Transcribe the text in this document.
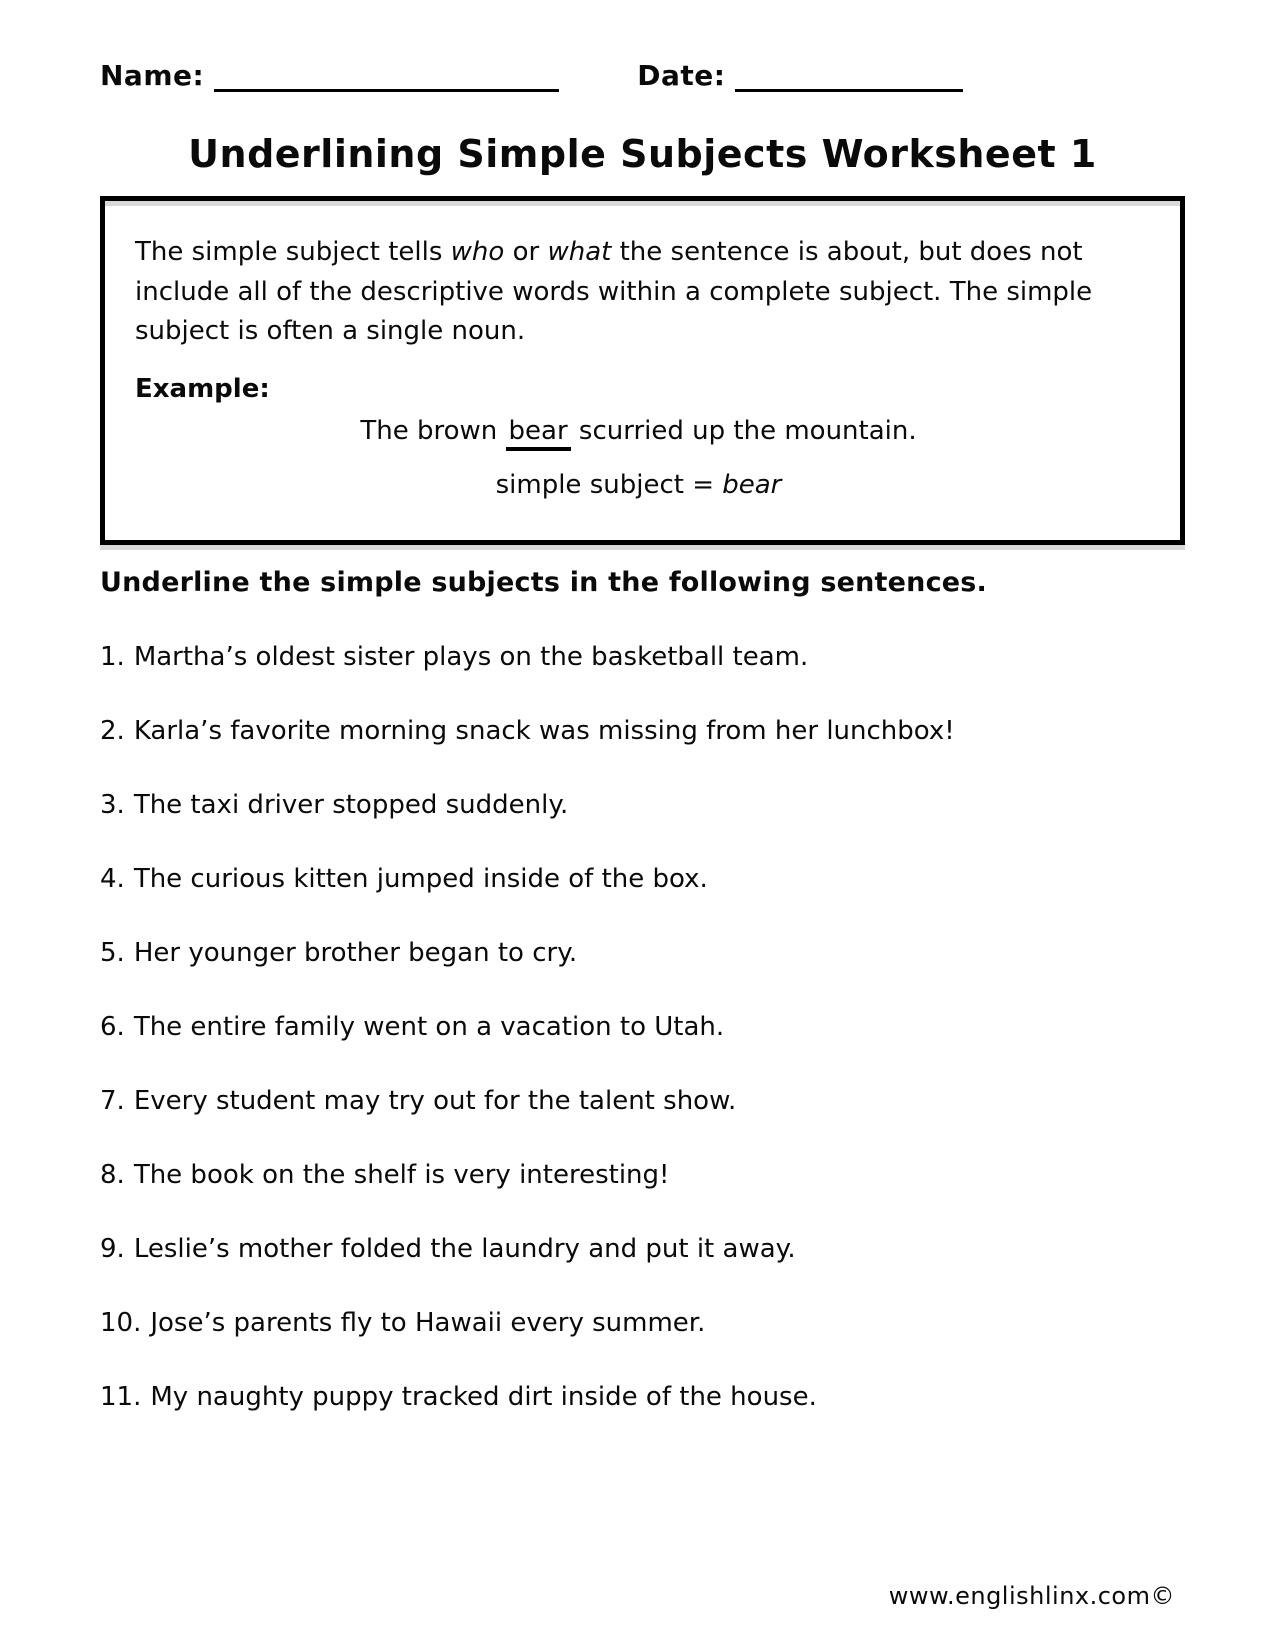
Name:	Date:
Underlining Simple Subjects Worksheet 1
The simple subject tells who or what the sentence is about, but does not include all of the descriptive words within a complete subject. The simple subject is often a single noun.
Example:
The brown bear scurried up the mountain.
simple subject = bear
Underline the simple subjects in the following sentences.
1. Martha’s oldest sister plays on the basketball team.
2. Karla’s favorite morning snack was missing from her lunchbox!
3. The taxi driver stopped suddenly.
4. The curious kitten jumped inside of the box.
5. Her younger brother began to cry.
6. The entire family went on a vacation to Utah.
7. Every student may try out for the talent show.
8. The book on the shelf is very interesting!
9. Leslie’s mother folded the laundry and put it away.
10. Jose’s parents fly to Hawaii every summer.
11. My naughty puppy tracked dirt inside of the house.
www.englishlinx.com©
